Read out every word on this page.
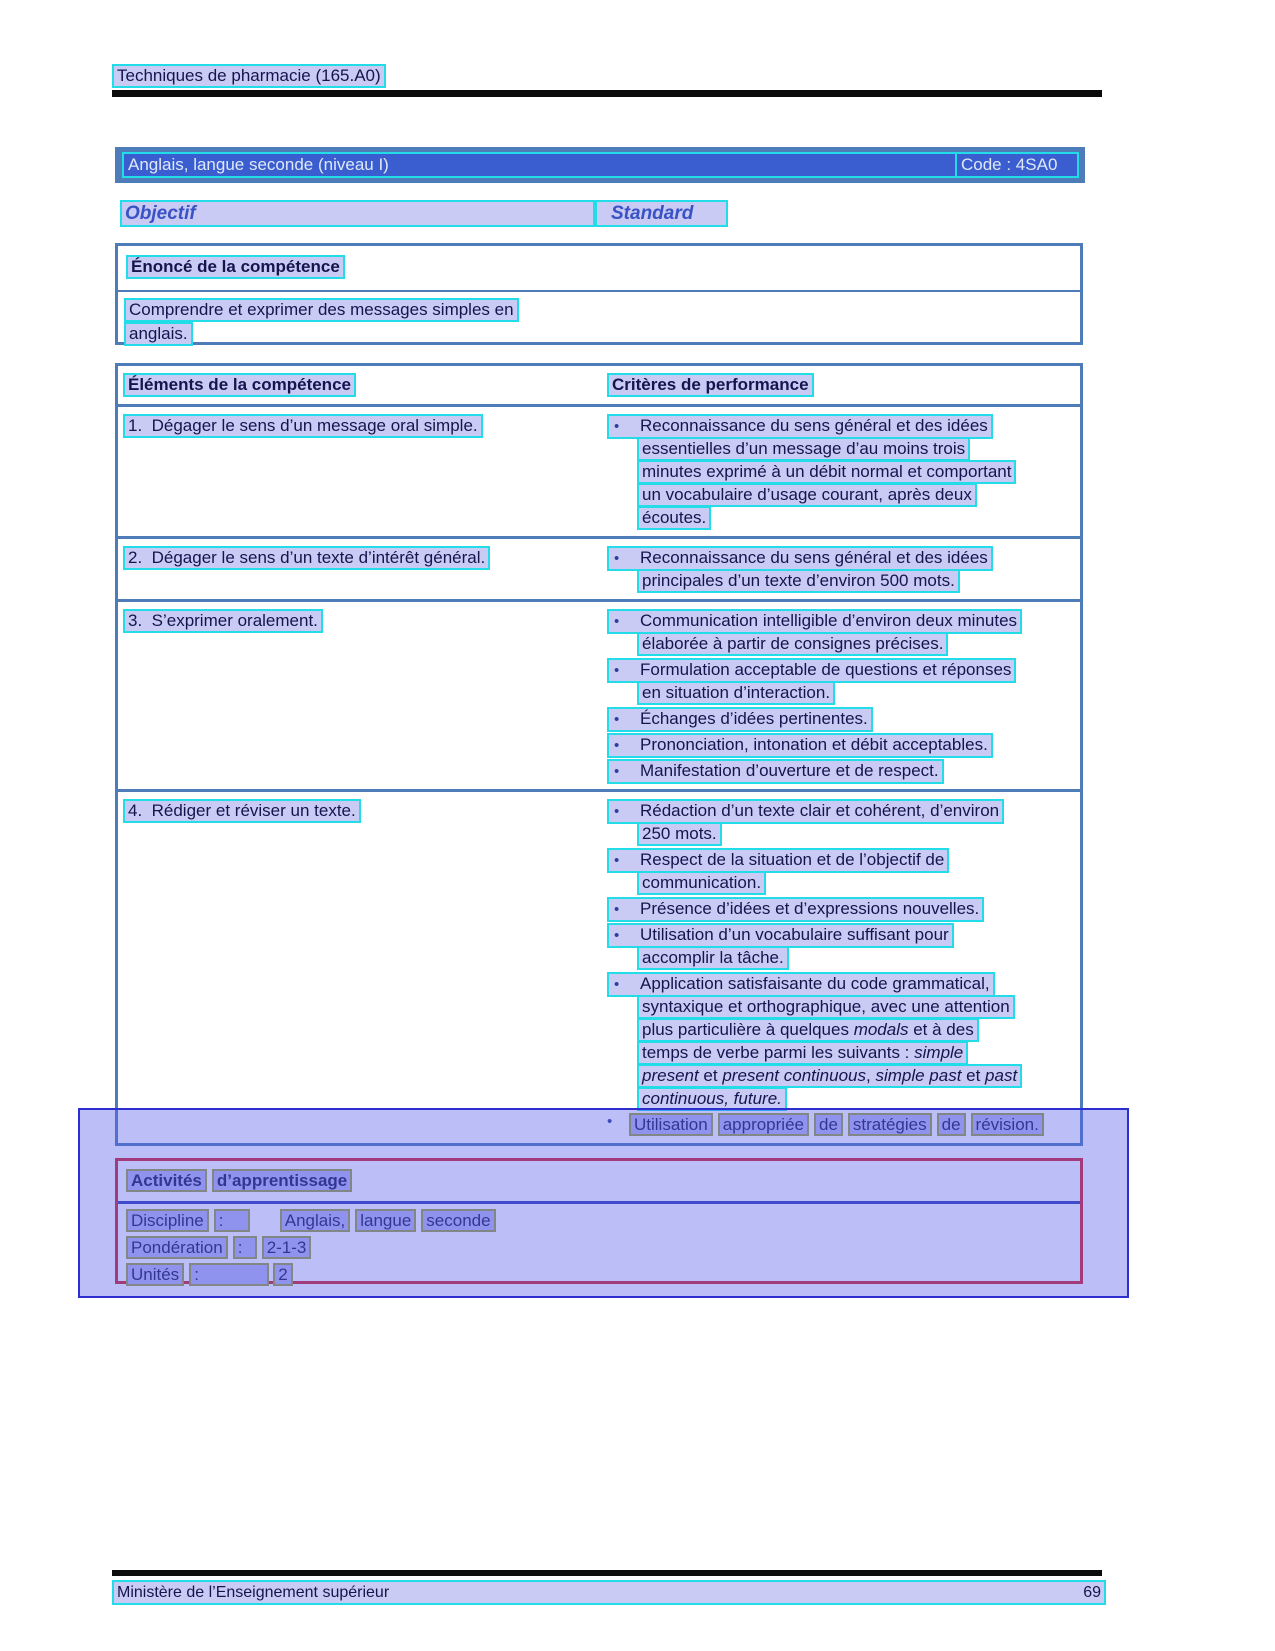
Techniques de pharmacie (165.A0)
Anglais, langue seconde (niveau I)	Code : 4SA0
Objectif	Standard
Énoncé de la compétence
Comprendre et exprimer des messages simples en
anglais.
Éléments de la compétence	Critères de performance
1.  Dégager le sens d’un message oral simple.	• Reconnaissance du sens général et des idées
essentielles d’un message d’au moins trois
minutes exprimé à un débit normal et comportant
un vocabulaire d’usage courant, après deux
écoutes.
2.  Dégager le sens d’un texte d’intérêt général.	• Reconnaissance du sens général et des idées
principales d’un texte d’environ 500 mots.
3.  S’exprimer oralement.	• Communication intelligible d’environ deux minutes
élaborée à partir de consignes précises.
• Formulation acceptable de questions et réponses
en situation d’interaction.
• Échanges d’idées pertinentes.
• Prononciation, intonation et débit acceptables.
• Manifestation d’ouverture et de respect.
4.  Rédiger et réviser un texte.	• Rédaction d’un texte clair et cohérent, d’environ
250 mots.
• Respect de la situation et de l’objectif de
communication.
• Présence d’idées et d’expressions nouvelles.
• Utilisation d’un vocabulaire suffisant pour
accomplir la tâche.
• Application satisfaisante du code grammatical,
syntaxique et orthographique, avec une attention
plus particulière à quelques modals et à des
temps de verbe parmi les suivants : simple
present et present continuous, simple past et past
continuous, future.
• Utilisation appropriée de stratégies de révision.
Activités d’apprentissage
Discipline :	Anglais, langue seconde
Pondération : 2-1-3
Unités :	2
Ministère de l’Enseignement supérieur	69
